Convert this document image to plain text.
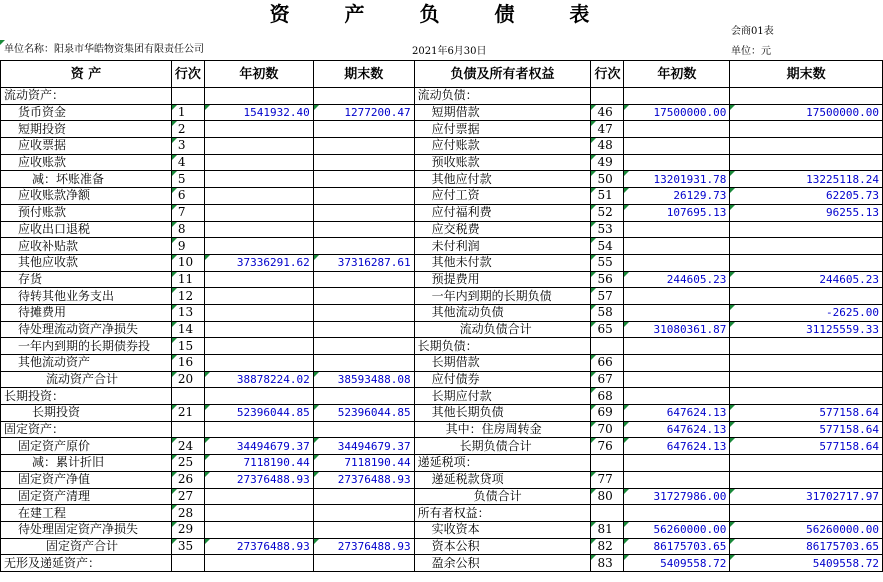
资 产 负 债 表
会商01表
单位名称：阳泉市华皓物资集团有限责任公司	2021年6月30日	单位：元
资 产	行次	年初数	期末数	负债及所有者权益	行次	年初数	期末数
流动资产：				流动负债：			
货币资金	1	1541932.40	1277200.47	短期借款	46	17500000.00	17500000.00
短期投资	2			应付票据	47		
应收票据	3			应付账款	48		
应收账款	4			预收账款	49		
减：坏账准备	5			其他应付款	50	13201931.78	13225118.24
应收账款净额	6			应付工资	51	26129.73	62205.73
预付账款	7			应付福利费	52	107695.13	96255.13
应收出口退税	8			应交税费	53		
应收补贴款	9			未付利润	54		
其他应收款	10	37336291.62	37316287.61	其他未付款	55		
存货	11			预提费用	56	244605.23	244605.23
待转其他业务支出	12			一年内到期的长期负债	57		
待摊费用	13			其他流动负债	58		-2625.00
待处理流动资产净损失	14			流动负债合计	65	31080361.87	31125559.33
一年内到期的长期债券投	15			长期负债：			
其他流动资产	16			长期借款	66		
流动资产合计	20	38878224.02	38593488.08	应付债券	67		
长期投资：				长期应付款	68		
长期投资	21	52396044.85	52396044.85	其他长期负债	69	647624.13	577158.64
固定资产：				其中：住房周转金	70	647624.13	577158.64
固定资产原价	24	34494679.37	34494679.37	长期负债合计	76	647624.13	577158.64
减：累计折旧	25	7118190.44	7118190.44	递延税项：			
固定资产净值	26	27376488.93	27376488.93	递延税款贷项	77		
固定资产清理	27			负债合计	80	31727986.00	31702717.97
在建工程	28			所有者权益：			
待处理固定资产净损失	29			实收资本	81	56260000.00	56260000.00
固定资产合计	35	27376488.93	27376488.93	资本公积	82	86175703.65	86175703.65
无形及递延资产：				盈余公积	83	5409558.72	5409558.72
